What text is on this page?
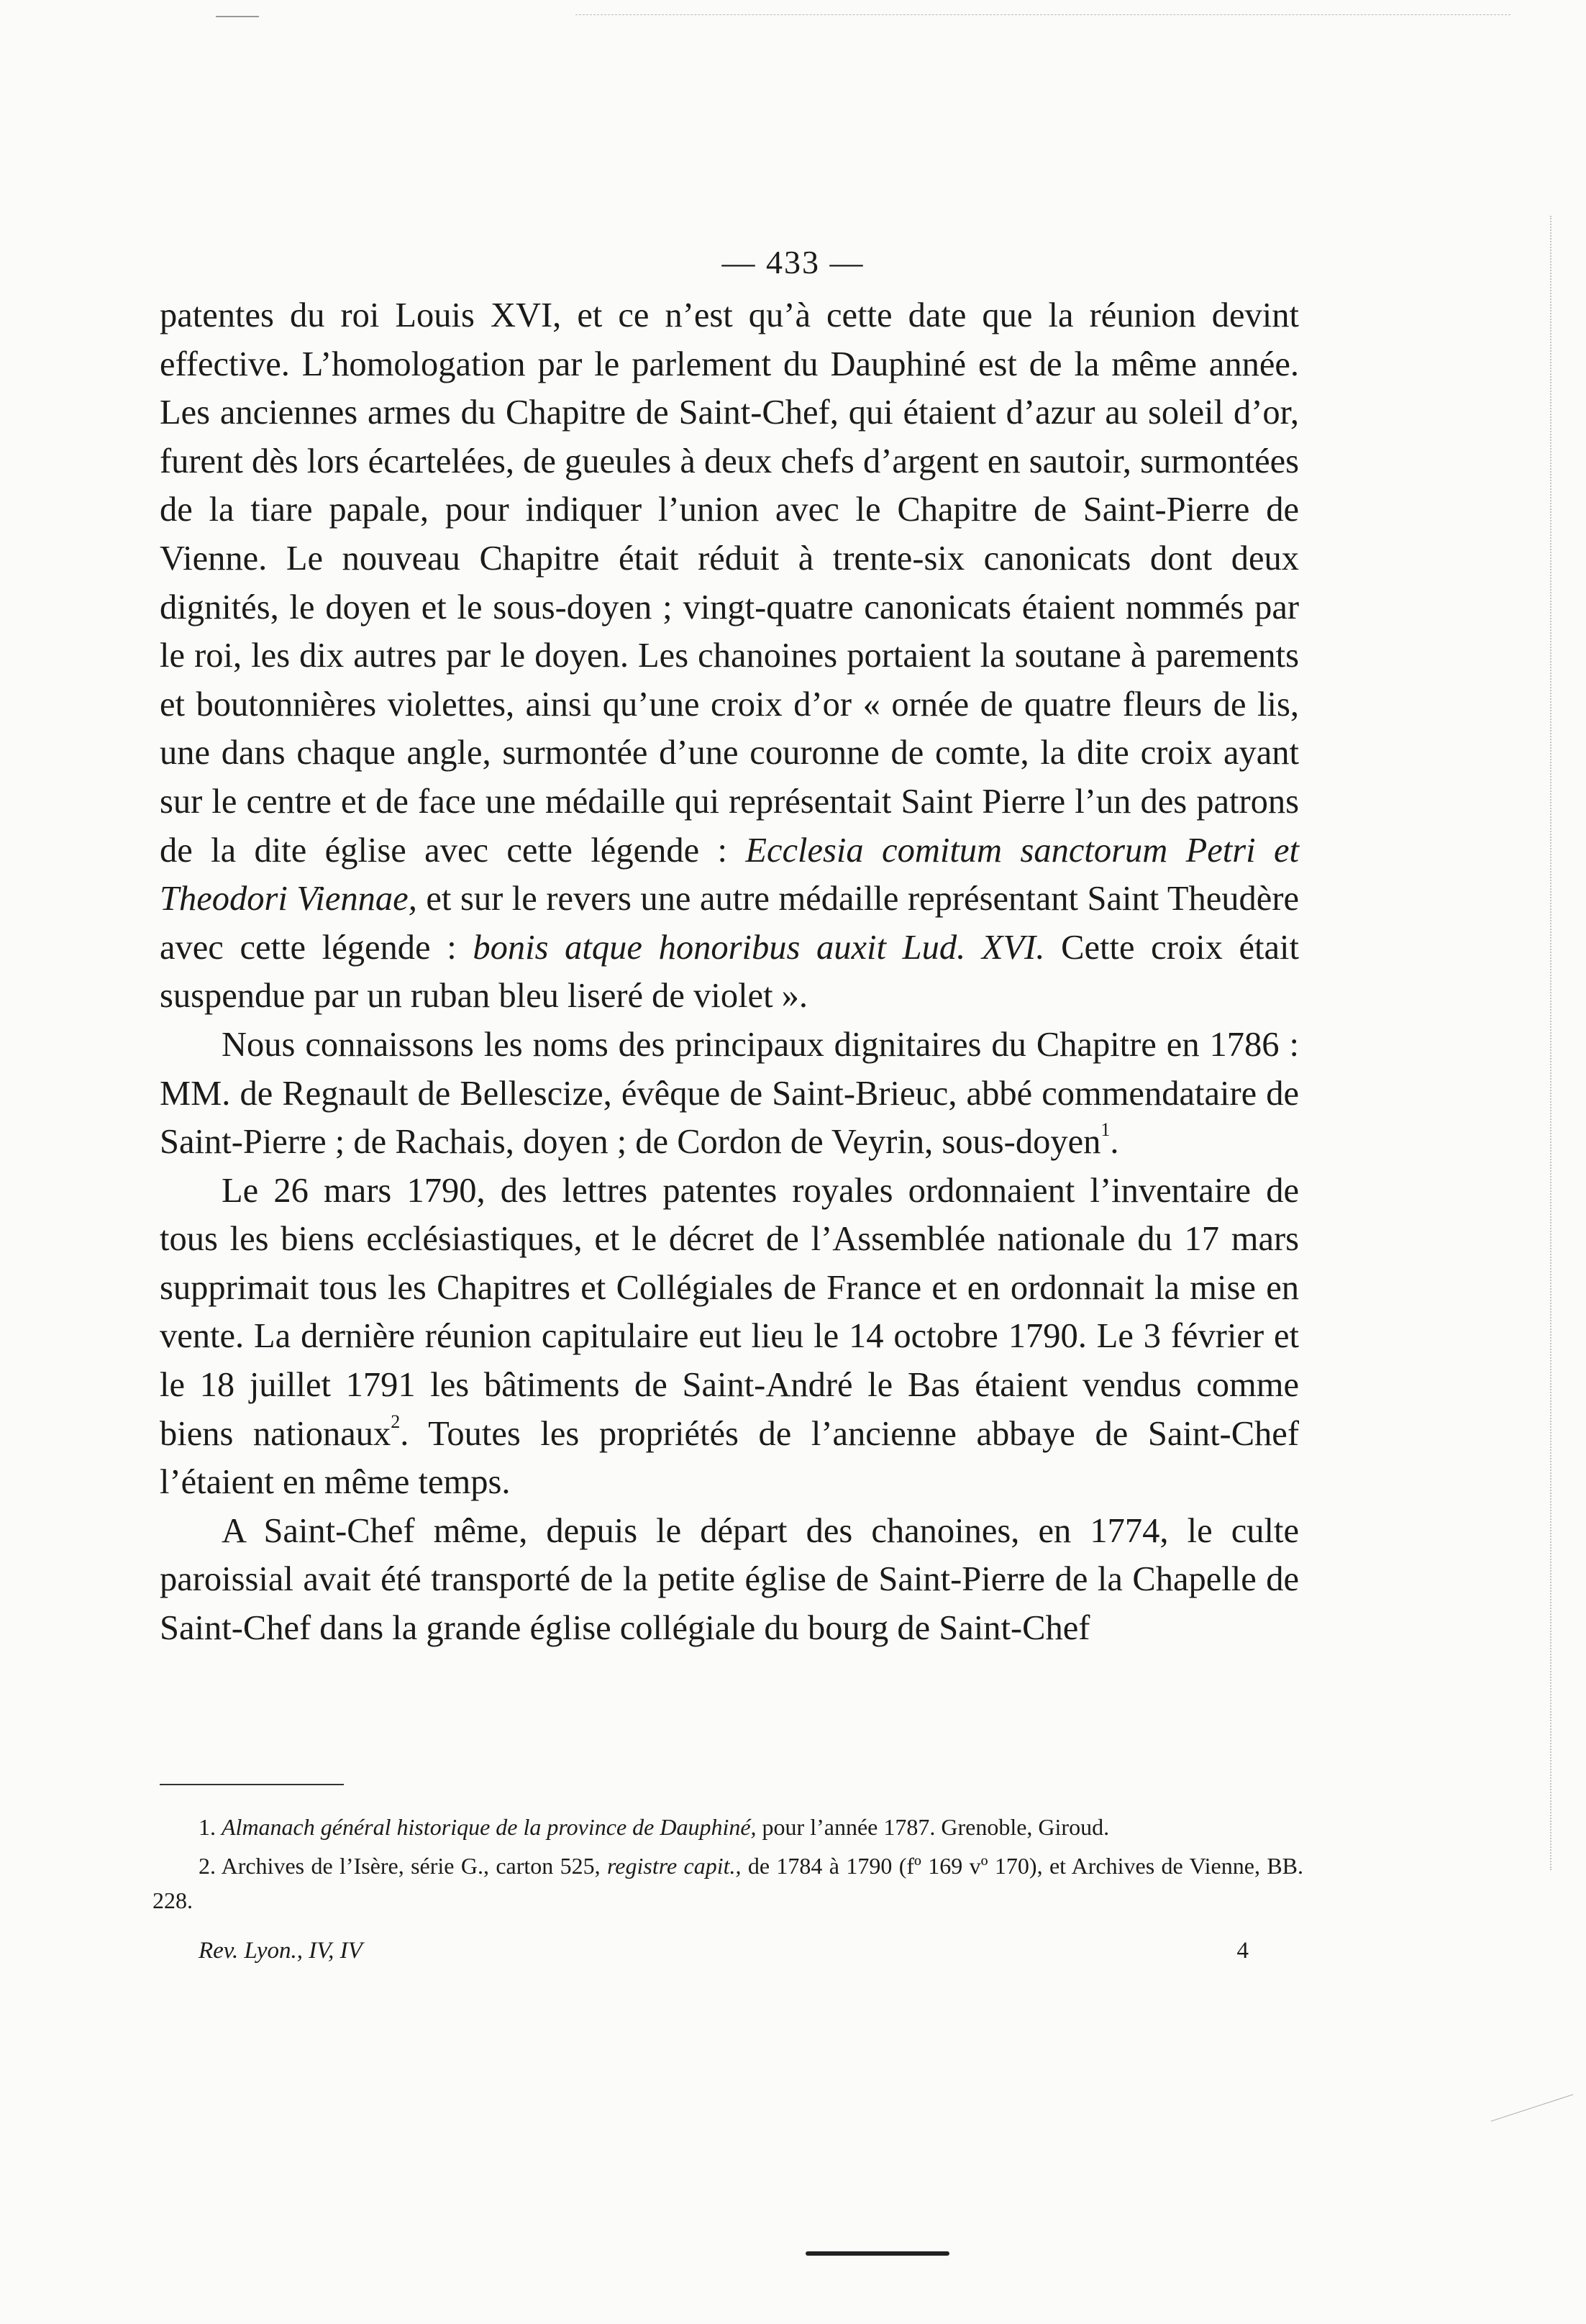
— 433 —

patentes du roi Louis XVI, et ce n’est qu’à cette date que la réunion devint effective. L’homologation par le parlement du Dauphiné est de la même année. Les anciennes armes du Chapitre de Saint-Chef, qui étaient d’azur au soleil d’or, furent dès lors écartelées, de gueules à deux chefs d’argent en sautoir, surmontées de la tiare papale, pour indiquer l’union avec le Chapitre de Saint-Pierre de Vienne. Le nouveau Chapitre était réduit à trente-six canonicats dont deux dignités, le doyen et le sous-doyen ; vingt-quatre canonicats étaient nommés par le roi, les dix autres par le doyen. Les chanoines portaient la soutane à parements et boutonnières violettes, ainsi qu’une croix d’or « ornée de quatre fleurs de lis, une dans chaque angle, surmontée d’une couronne de comte, la dite croix ayant sur le centre et de face une médaille qui représentait Saint Pierre l’un des patrons de la dite église avec cette légende : Ecclesia comitum sanctorum Petri et Theodori Viennae, et sur le revers une autre médaille représentant Saint Theudère avec cette légende : bonis atque honoribus auxit Lud. XVI. Cette croix était suspendue par un ruban bleu liseré de violet ».

Nous connaissons les noms des principaux dignitaires du Chapitre en 1786 : MM. de Regnault de Bellescize, évêque de Saint-Brieuc, abbé commendataire de Saint-Pierre ; de Rachais, doyen ; de Cordon de Veyrin, sous-doyen$^1$.

Le 26 mars 1790, des lettres patentes royales ordonnaient l’inventaire de tous les biens ecclésiastiques, et le décret de l’Assemblée nationale du 17 mars supprimait tous les Chapitres et Collégiales de France et en ordonnait la mise en vente. La dernière réunion capitulaire eut lieu le 14 octobre 1790. Le 3 février et le 18 juillet 1791 les bâtiments de Saint-André le Bas étaient vendus comme biens nationaux$^2$. Toutes les propriétés de l’ancienne abbaye de Saint-Chef l’étaient en même temps.

A Saint-Chef même, depuis le départ des chanoines, en 1774, le culte paroissial avait été transporté de la petite église de Saint-Pierre de la Chapelle de Saint-Chef dans la grande église collégiale du bourg de Saint-Chef

1. Almanach général historique de la province de Dauphiné, pour l’année 1787. Grenoble, Giroud.

2. Archives de l’Isère, série G., carton 525, registre capit., de 1784 à 1790 (fº 169 vº 170), et Archives de Vienne, BB. 228.

Rev. Lyon., IV, IV	4
